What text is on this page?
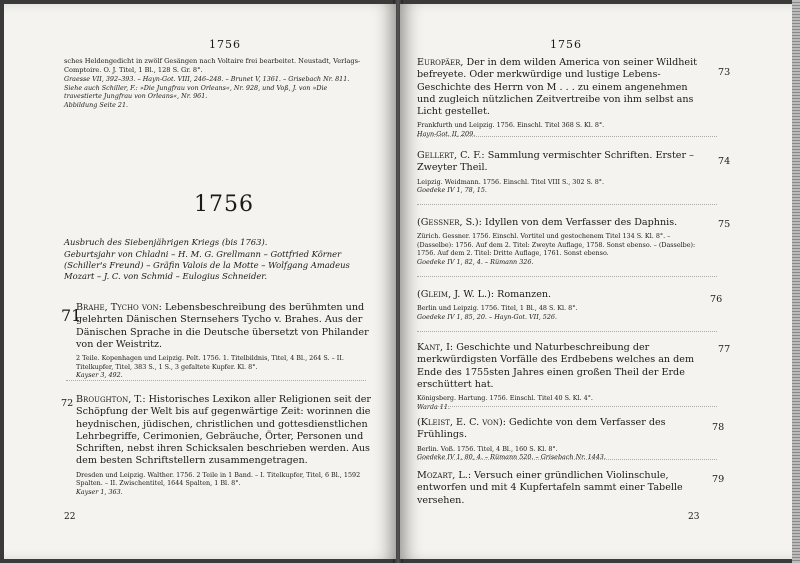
1756

sches Heldengedicht in zwölf Gesängen nach Voltaire frei bearbeitet. Neustadt, Verlags-Comptoire. O. J. Titel, 1 Bl., 128 S. Gr. 8°.

Graesse VII, 392–393. – Hayn-Got. VIII, 246–248. – Brunet V, 1361. – Grisebach Nr. 811.

Siehe auch Schiller, F.: »Die Jungfrau von Orleans«, Nr. 928, und Voß, J. von »Die travestierte Jungfrau von Orleans«, Nr. 961.

Abbildung Seite 21.

1756

Ausbruch des Siebenjährigen Kriegs (bis 1763).

Geburtsjahr von Chladni – H. M. G. Grellmann – Gottfried Körner (Schiller's Freund) – Gräfin Valois de la Motte – Wolfgang Amadeus Mozart – J. C. von Schmid – Eulogius Schneider.

71

Brahe, Tycho von: Lebensbeschreibung des berühmten und gelehrten Dänischen Sternsehers Tycho v. Brahes. Aus der Dänischen Sprache in die Deutsche übersetzt von Philander von der Weistritz.

2 Teile. Kopenhagen und Leipzig. Pelt. 1756. 1. Titelbildnis, Titel, 4 Bl., 264 S. – II. Titelkupfer, Titel, 383 S., 1 S., 3 gefaltete Kupfer. Kl. 8°.

Kayser 3, 492.

72 Broughton, T.: Historisches Lexikon aller Religionen seit der Schöpfung der Welt bis auf gegenwärtige Zeit: worinnen die heydnischen, jüdischen, christlichen und gottesdienstlichen Lehrbegriffe, Cerimonien, Gebräuche, Örter, Personen und Schriften, nebst ihren Schicksalen beschrieben werden. Aus dem besten Schriftstellern zusammengetragen.

Dresden und Leipzig. Walther. 1756. 2 Teile in 1 Band. – I. Titelkupfer, Titel, 6 Bl., 1592 Spalten. – II. Zwischentitel, 1644 Spalten, 1 Bl. 8°.

Kayser 1, 363.

22
1756

Europäer, Der in dem wilden America von seiner Wildheit befreyete. Oder merkwürdige und lustige Lebens-Geschichte des Herrn von M . . . zu einem angenehmen und zugleich nützlichen Zeitvertreibe von ihm selbst ans Licht gestellet.

Frankfurth und Leipzig. 1756. Einschl. Titel 368 S. Kl. 8°.

Hayn-Got. II, 209.

73

Gellert, C. F.: Sammlung vermischter Schriften. Erster – Zweyter Theil.

Leipzig. Weidmann. 1756. Einschl. Titel VIII S., 302 S. 8°.

Goedeke IV 1, 78, 15.

74

(Gessner, S.): Idyllen von dem Verfasser des Daphnis.

Zürich. Gessner. 1756. Einschl. Vortitel und gestochenem Titel 134 S. Kl. 8°. – (Dasselbe): 1756. Auf dem 2. Titel: Zweyte Auflage, 1758. Sonst ebenso. – (Dasselbe): 1756. Auf dem 2. Titel: Dritte Auflage, 1761. Sonst ebenso.

Goedeke IV 1, 82, 4. – Rümann 326.

75

(Gleim, J. W. L.): Romanzen.

Berlin und Leipzig. 1756. Titel, 1 Bl., 48 S. Kl. 8°.

Goedeke IV 1, 85, 20. – Hayn-Got. VII, 526.

76

Kant, I: Geschichte und Naturbeschreibung der merkwürdigsten Vorfälle des Erdbebens welches an dem Ende des 1755sten Jahres einen großen Theil der Erde erschüttert hat.

Königsberg. Hartung. 1756. Einschl. Titel 40 S. Kl. 4°.

Warda 11.

77

(Kleist, E. C. von): Gedichte von dem Verfasser des Frühlings.

Berlin. Voß. 1756. Titel, 4 Bl., 160 S. Kl. 8°.

Goedeke IV 1, 80, 4. – Rümann 520. – Grisebach Nr. 1443.

78

Mozart, L.: Versuch einer gründlichen Violinschule, entworfen und mit 4 Kupfertafeln sammt einer Tabelle versehen.

79
23
